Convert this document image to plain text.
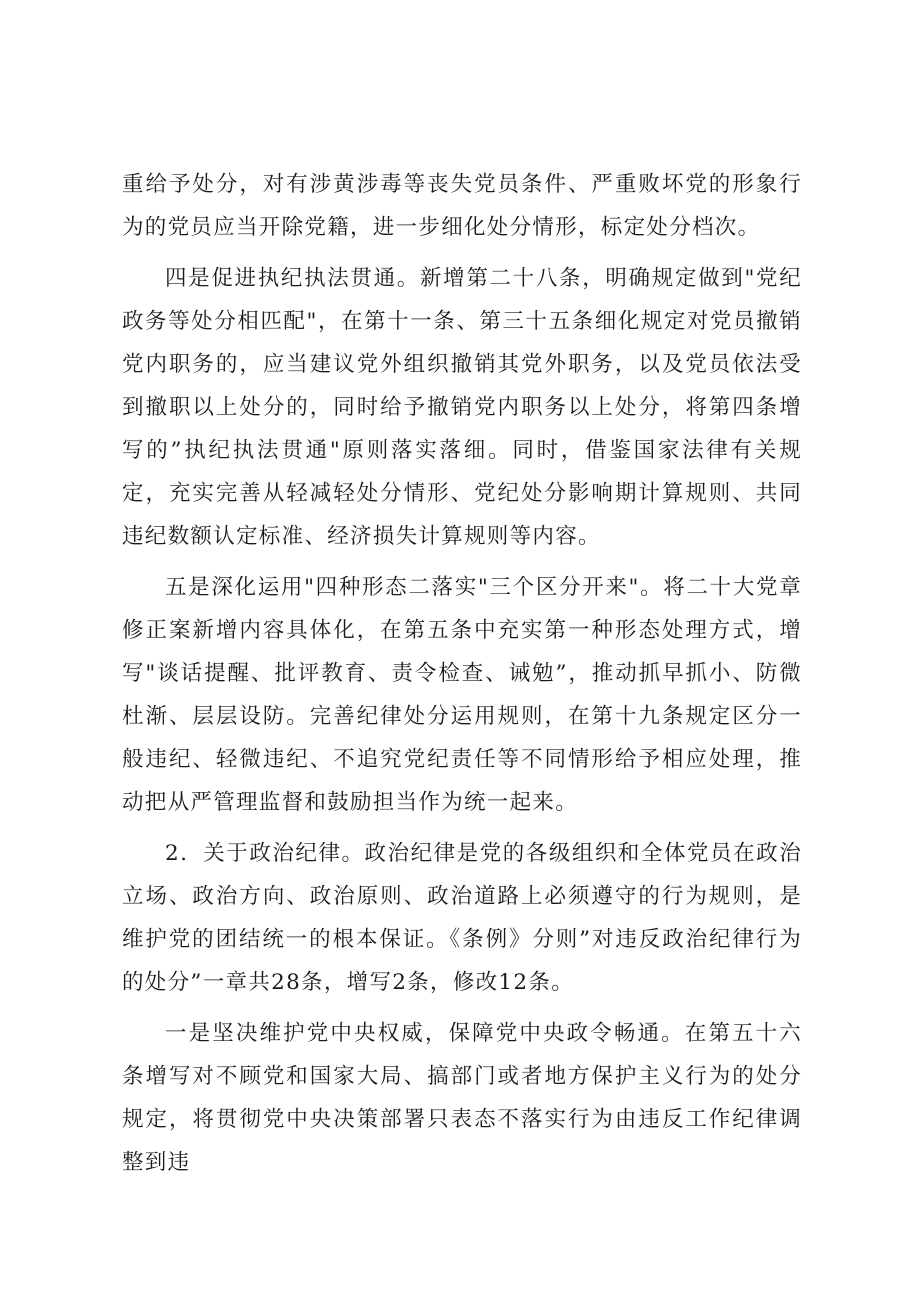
重给予处分，对有涉黄涉毒等丧失党员条件、严重败坏党的形象行为的党员应当开除党籍，进一步细化处分情形，标定处分档次。

四是促进执纪执法贯通。新增第二十八条，明确规定做到"党纪政务等处分相匹配"，在第十一条、第三十五条细化规定对党员撤销党内职务的，应当建议党外组织撤销其党外职务，以及党员依法受到撤职以上处分的，同时给予撤销党内职务以上处分，将第四条增写的”执纪执法贯通"原则落实落细。同时，借鉴国家法律有关规定，充实完善从轻减轻处分情形、党纪处分影响期计算规则、共同违纪数额认定标准、经济损失计算规则等内容。

五是深化运用"四种形态二落实"三个区分开来"。将二十大党章修正案新增内容具体化，在第五条中充实第一种形态处理方式，增写"谈话提醒、批评教育、责令检查、诫勉”，推动抓早抓小、防微杜渐、层层设防。完善纪律处分运用规则，在第十九条规定区分一般违纪、轻微违纪、不追究党纪责任等不同情形给予相应处理，推动把从严管理监督和鼓励担当作为统一起来。

2．关于政治纪律。政治纪律是党的各级组织和全体党员在政治立场、政治方向、政治原则、政治道路上必须遵守的行为规则，是维护党的团结统一的根本保证。《条例》分则”对违反政治纪律行为的处分”一章共28条，增写2条，修改12条。

一是坚决维护党中央权威，保障党中央政令畅通。在第五十六条增写对不顾党和国家大局、搞部门或者地方保护主义行为的处分规定，将贯彻党中央决策部署只表态不落实行为由违反工作纪律调整到违
